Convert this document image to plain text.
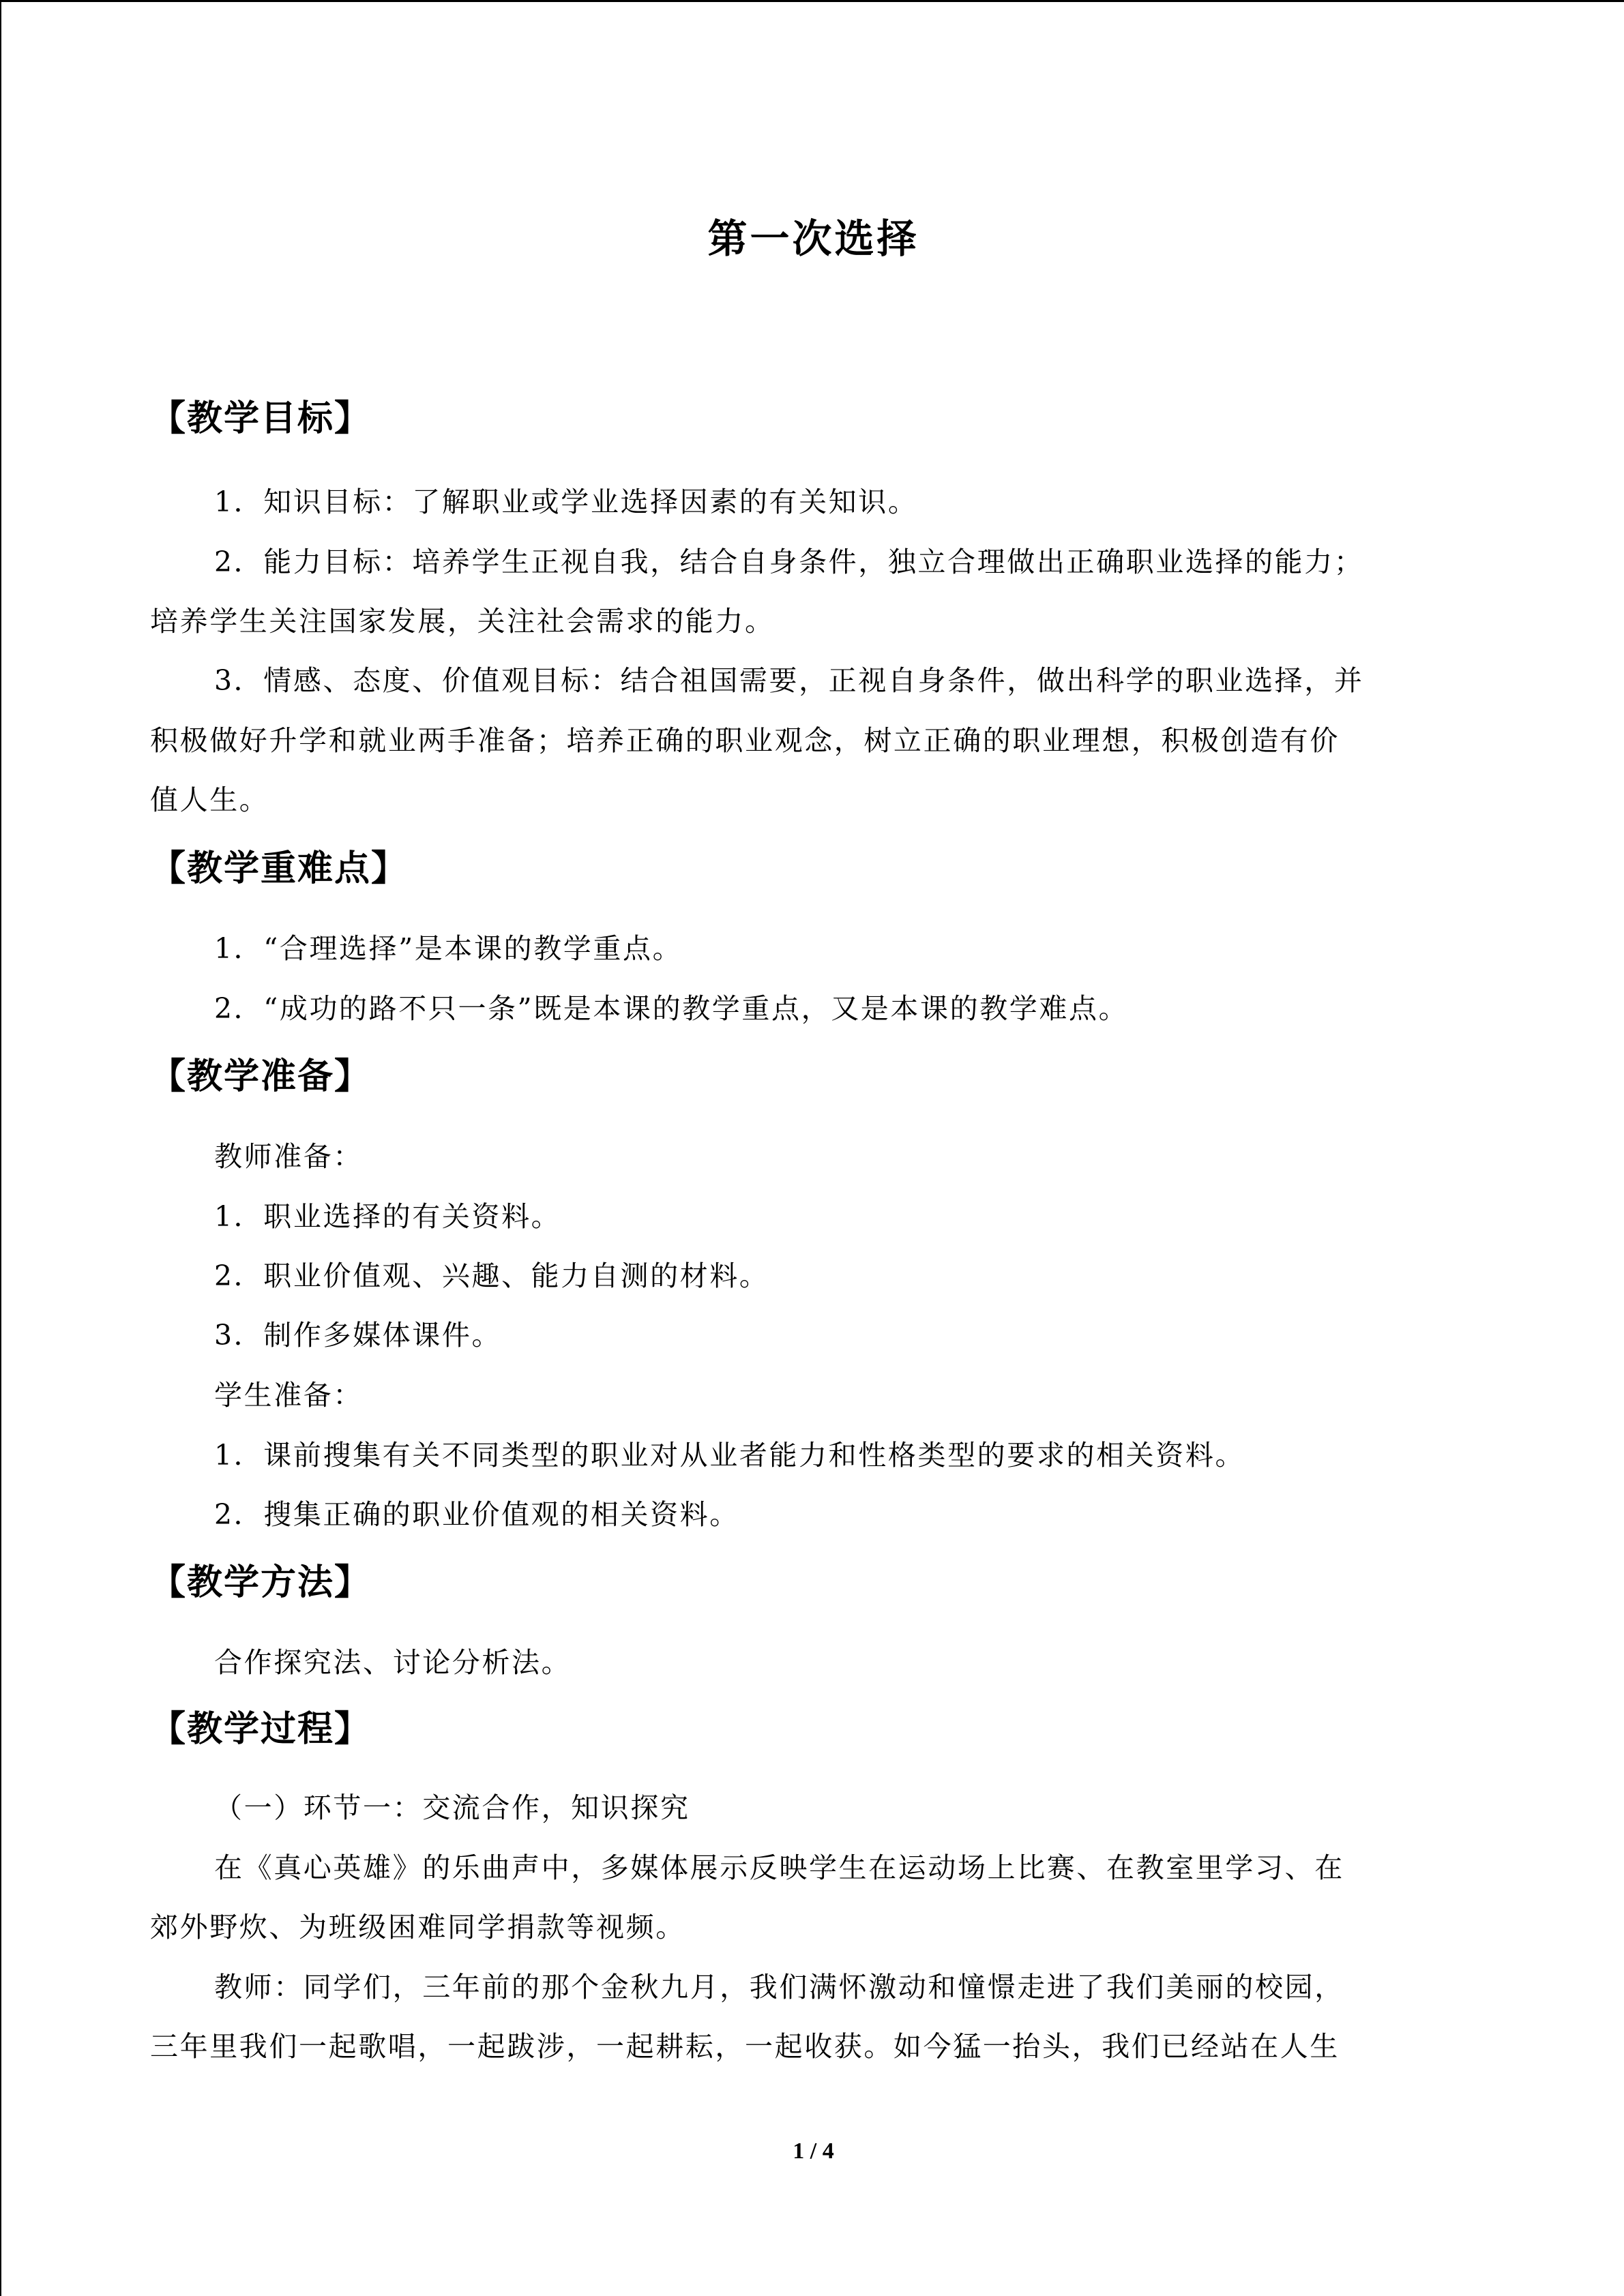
第一次选择
【教学目标】
1．知识目标：了解职业或学业选择因素的有关知识。
2．能力目标：培养学生正视自我，结合自身条件，独立合理做出正确职业选择的能力；
培养学生关注国家发展，关注社会需求的能力。
3．情感、态度、价值观目标：结合祖国需要，正视自身条件，做出科学的职业选择，并
积极做好升学和就业两手准备；培养正确的职业观念，树立正确的职业理想，积极创造有价
值人生。
【教学重难点】
1．“合理选择”是本课的教学重点。
2．“成功的路不只一条”既是本课的教学重点，又是本课的教学难点。
【教学准备】
教师准备：
1．职业选择的有关资料。
2．职业价值观、兴趣、能力自测的材料。
3．制作多媒体课件。
学生准备：
1．课前搜集有关不同类型的职业对从业者能力和性格类型的要求的相关资料。
2．搜集正确的职业价值观的相关资料。
【教学方法】
合作探究法、讨论分析法。
【教学过程】
（一）环节一：交流合作，知识探究
在《真心英雄》的乐曲声中，多媒体展示反映学生在运动场上比赛、在教室里学习、在
郊外野炊、为班级困难同学捐款等视频。
教师：同学们，三年前的那个金秋九月，我们满怀激动和憧憬走进了我们美丽的校园，
三年里我们一起歌唱，一起跋涉，一起耕耘，一起收获。如今猛一抬头，我们已经站在人生
1 / 4
